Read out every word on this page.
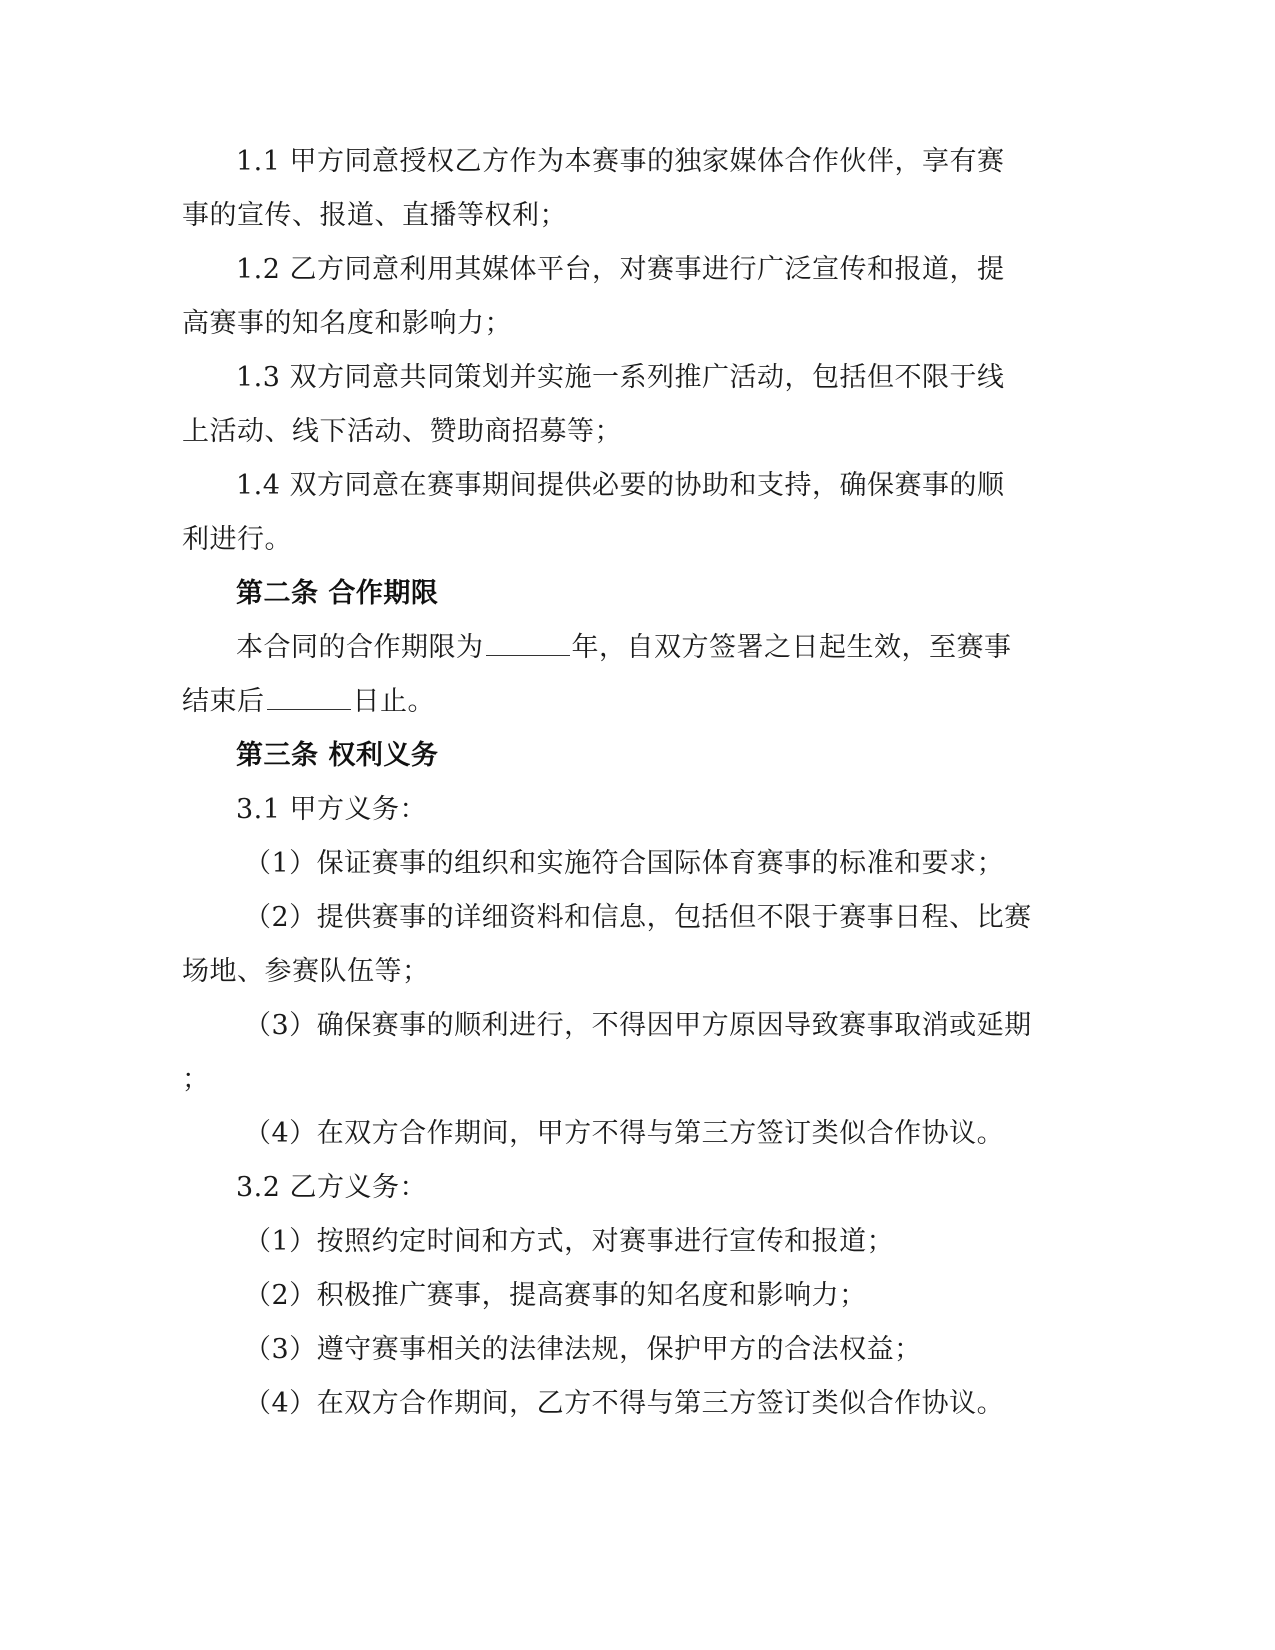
1.1 甲方同意授权乙方作为本赛事的独家媒体合作伙伴，享有赛
事的宣传、报道、直播等权利；
1.2 乙方同意利用其媒体平台，对赛事进行广泛宣传和报道，提
高赛事的知名度和影响力；
1.3 双方同意共同策划并实施一系列推广活动，包括但不限于线
上活动、线下活动、赞助商招募等；
1.4 双方同意在赛事期间提供必要的协助和支持，确保赛事的顺
利进行。
第二条 合作期限
本合同的合作期限为	年，自双方签署之日起生效，至赛事
结束后	日止。
第三条 权利义务
3.1 甲方义务：
（1）保证赛事的组织和实施符合国际体育赛事的标准和要求；
（2）提供赛事的详细资料和信息，包括但不限于赛事日程、比赛
场地、参赛队伍等；
（3）确保赛事的顺利进行，不得因甲方原因导致赛事取消或延期
；
（4）在双方合作期间，甲方不得与第三方签订类似合作协议。
3.2 乙方义务：
（1）按照约定时间和方式，对赛事进行宣传和报道；
（2）积极推广赛事，提高赛事的知名度和影响力；
（3）遵守赛事相关的法律法规，保护甲方的合法权益；
（4）在双方合作期间，乙方不得与第三方签订类似合作协议。
